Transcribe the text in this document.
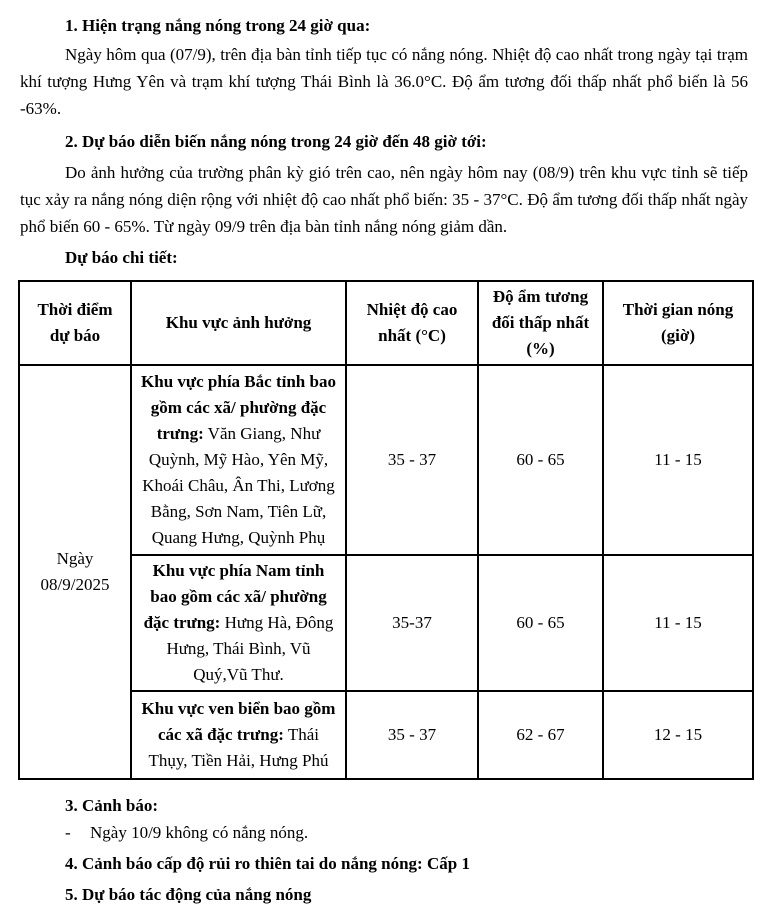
1. Hiện trạng nắng nóng trong 24 giờ qua:

Ngày hôm qua (07/9), trên địa bàn tỉnh tiếp tục có nắng nóng. Nhiệt độ cao nhất trong ngày tại trạm khí tượng Hưng Yên và trạm khí tượng Thái Bình là 36.0°C. Độ ẩm tương đối thấp nhất phổ biến là 56 -63%.

2. Dự báo diễn biến nắng nóng trong 24 giờ đến 48 giờ tới:

Do ảnh hưởng của trường phân kỳ gió trên cao, nên ngày hôm nay (08/9) trên khu vực tỉnh sẽ tiếp tục xảy ra nắng nóng diện rộng với nhiệt độ cao nhất phổ biến: 35 - 37°C. Độ ẩm tương đối thấp nhất ngày phổ biến 60 - 65%. Từ ngày 09/9 trên địa bàn tỉnh nắng nóng giảm dần.

Dự báo chi tiết:

Thời điểm dự báo	Khu vực ảnh hưởng	Nhiệt độ cao nhất (°C)	Độ ẩm tương đối thấp nhất (%)	Thời gian nóng (giờ)
Ngày 08/9/2025	Khu vực phía Bắc tỉnh bao gồm các xã/ phường đặc trưng: Văn Giang, Như Quỳnh, Mỹ Hào, Yên Mỹ, Khoái Châu, Ân Thi, Lương Bằng, Sơn Nam, Tiên Lữ, Quang Hưng, Quỳnh Phụ	35 - 37	60 - 65	11 - 15
	Khu vực phía Nam tỉnh bao gồm các xã/ phường đặc trưng: Hưng Hà, Đông Hưng, Thái Bình, Vũ Quý,Vũ Thư.	35-37	60 - 65	11 - 15
	Khu vực ven biển bao gồm các xã đặc trưng: Thái Thụy, Tiền Hải, Hưng Phú	35 - 37	62 - 67	12 - 15

3. Cảnh báo:

- Ngày 10/9 không có nắng nóng.

4. Cảnh báo cấp độ rủi ro thiên tai do nắng nóng: Cấp 1

5. Dự báo tác động của nắng nóng
